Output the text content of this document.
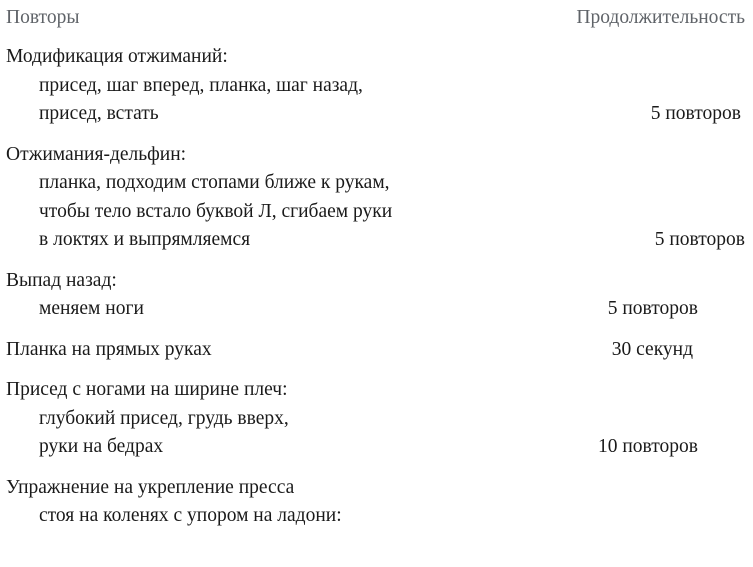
Повторы	Продолжительность
Модификация отжиманий:
присед, шаг вперед, планка, шаг назад,
присед, встать	5 повторов
Отжимания-дельфин:
планка, подходим стопами ближе к рукам,
чтобы тело встало буквой Л, сгибаем руки
в локтях и выпрямляемся	5 повторов
Выпад назад:
меняем ноги	5 повторов
Планка на прямых руках	30 секунд
Присед с ногами на ширине плеч:
глубокий присед, грудь вверх,
руки на бедрах	10 повторов
Упражнение на укрепление пресса
стоя на коленях с упором на ладони:
